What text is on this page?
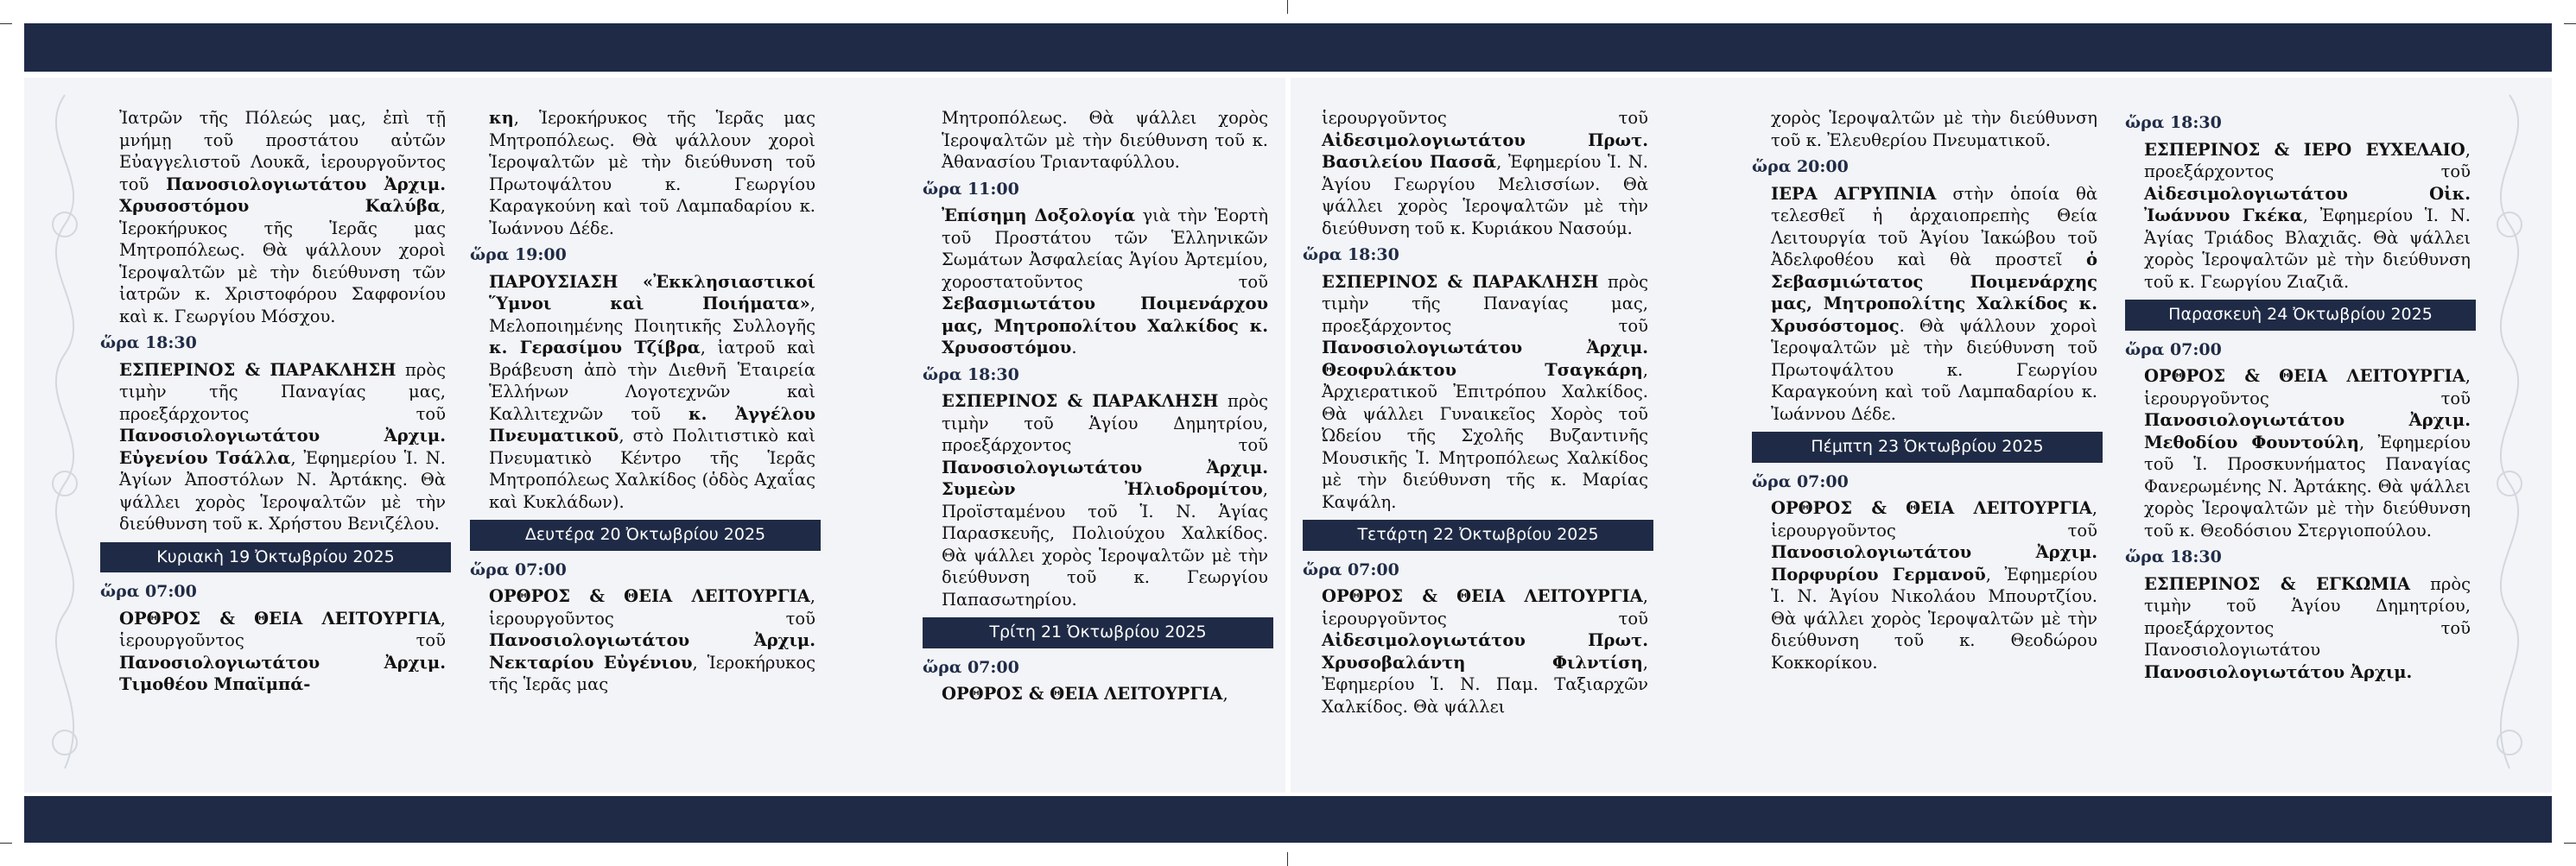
Ἰατρῶν τῆς Πόλεώς μας, ἐπὶ τῇ μνήμῃ τοῦ προστάτου αὐτῶν Εὐαγγελιστοῦ Λουκᾶ, ἱερουργοῦντος τοῦ Πανοσιολογιωτάτου Ἀρχιμ. Χρυσοστόμου Καλύβα, Ἱεροκήρυκος τῆς Ἱερᾶς μας Μητροπόλεως. Θὰ ψάλλουν χοροὶ Ἱεροψαλτῶν μὲ τὴν διεύθυνση τῶν ἰατρῶν κ. Χριστοφόρου Σαφφονίου καὶ κ. Γεωργίου Μόσχου.

ὥρα 18:30

ΕΣΠΕΡΙΝΟΣ & ΠΑΡΑΚΛΗΣΗ πρὸς τιμὴν τῆς Παναγίας μας, προεξάρχοντος τοῦ Πανοσιολογιωτάτου Ἀρχιμ. Εὐγενίου Τσάλλα, Ἐφημερίου Ἱ. Ν. Ἁγίων Ἀποστόλων Ν. Ἀρτάκης. Θὰ ψάλλει χορὸς Ἱεροψαλτῶν μὲ τὴν διεύθυνση τοῦ κ. Χρήστου Βενιζέλου.

Κυριακὴ 19 Ὀκτωβρίου 2025
ὥρα 07:00

ΟΡΘΡΟΣ & ΘΕΙΑ ΛΕΙΤΟΥΡΓΙΑ, ἱερουργοῦντος τοῦ Πανοσιολογιωτάτου Ἀρχιμ. Τιμοθέου Μπαϊμπά-

κη, Ἱεροκήρυκος τῆς Ἱερᾶς μας Μητροπόλεως. Θὰ ψάλλουν χοροὶ Ἱεροψαλτῶν μὲ τὴν διεύθυνση τοῦ Πρωτοψάλτου κ. Γεωργίου Καραγκούνη καὶ τοῦ Λαμπαδαρίου κ. Ἰωάννου Δέδε.

ὥρα 19:00

ΠΑΡΟΥΣΙΑΣΗ «Ἐκκλησιαστικοί Ὕμνοι καὶ Ποιήματα», Μελοποιημένης Ποιητικῆς Συλλογῆς κ. Γερασίμου Τζίβρα, ἰατροῦ καὶ Βράβευση ἀπὸ τὴν Διεθνῆ Ἑταιρεία Ἑλλήνων Λογοτεχνῶν καὶ Καλλιτεχνῶν τοῦ κ. Ἀγγέλου Πνευματικοῦ, στὸ Πολιτιστικὸ καὶ Πνευματικὸ Κέντρο τῆς Ἱερᾶς Μητροπόλεως Χαλκίδος (ὁδὸς Αχαΐας καὶ Κυκλάδων).

Δευτέρα 20 Ὀκτωβρίου 2025
ὥρα 07:00

ΟΡΘΡΟΣ & ΘΕΙΑ ΛΕΙΤΟΥΡΓΙΑ, ἱερουργοῦντος τοῦ Πανοσιολογιωτάτου Ἀρχιμ. Νεκταρίου Εὐγένιου, Ἱεροκήρυκος τῆς Ἱερᾶς μας

Μητροπόλεως. Θὰ ψάλλει χορὸς Ἱεροψαλτῶν μὲ τὴν διεύθυνση τοῦ κ. Ἀθανασίου Τριανταφύλλου.

ὥρα 11:00

Ἐπίσημη Δοξολογία γιὰ τὴν Ἑορτὴ τοῦ Προστάτου τῶν Ἑλληνικῶν Σωμάτων Ἀσφαλείας Ἁγίου Ἀρτεμίου, χοροστατοῦντος τοῦ Σεβασμιωτάτου Ποιμενάρχου μας, Μητροπολίτου Χαλκίδος κ. Χρυσοστόμου.

ὥρα 18:30

ΕΣΠΕΡΙΝΟΣ & ΠΑΡΑΚΛΗΣΗ πρὸς τιμὴν τοῦ Ἁγίου Δημητρίου, προεξάρχοντος τοῦ Πανοσιολογιωτάτου Ἀρχιμ. Συμεὼν Ἠλιοδρομίτου, Προϊσταμένου τοῦ Ἱ. Ν. Ἁγίας Παρασκευῆς, Πολιούχου Χαλκίδος. Θὰ ψάλλει χορὸς Ἱεροψαλτῶν μὲ τὴν διεύθυνση τοῦ κ. Γεωργίου Παπασωτηρίου.

Τρίτη 21 Ὀκτωβρίου 2025
ὥρα 07:00

ΟΡΘΡΟΣ & ΘΕΙΑ ΛΕΙΤΟΥΡΓΙΑ,

ἱερουργοῦντος τοῦ Αἰδεσιμολογιωτάτου Πρωτ. Βασιλείου Πασσᾶ, Ἐφημερίου Ἱ. Ν. Ἁγίου Γεωργίου Μελισσίων. Θὰ ψάλλει χορὸς Ἱεροψαλτῶν μὲ τὴν διεύθυνση τοῦ κ. Κυριάκου Νασούμ.

ὥρα 18:30

ΕΣΠΕΡΙΝΟΣ & ΠΑΡΑΚΛΗΣΗ πρὸς τιμὴν τῆς Παναγίας μας, προεξάρχοντος τοῦ Πανοσιολογιωτάτου Ἀρχιμ. Θεοφυλάκτου Τσαγκάρη, Ἀρχιερατικοῦ Ἐπιτρόπου Χαλκίδος. Θὰ ψάλλει Γυναικεῖος Χορὸς τοῦ Ὠδείου τῆς Σχολῆς Βυζαντινῆς Μουσικῆς Ἱ. Μητροπόλεως Χαλκίδος μὲ τὴν διεύθυνση τῆς κ. Μαρίας Καψάλη.

Τετάρτη 22 Ὀκτωβρίου 2025
ὥρα 07:00

ΟΡΘΡΟΣ & ΘΕΙΑ ΛΕΙΤΟΥΡΓΙΑ, ἱερουργοῦντος τοῦ Αἰδεσιμολογιωτάτου Πρωτ. Χρυσοβαλάντη Φιλντίση, Ἐφημερίου Ἱ. Ν. Παμ. Ταξιαρχῶν Χαλκίδος. Θὰ ψάλλει

χορὸς Ἱεροψαλτῶν μὲ τὴν διεύθυνση τοῦ κ. Ἐλευθερίου Πνευματικοῦ.

ὥρα 20:00

ΙΕΡΑ ΑΓΡΥΠΝΙΑ στὴν ὁποία θὰ τελεσθεῖ ἡ ἀρχαιοπρεπὴς Θεία Λειτουργία τοῦ Ἁγίου Ἰακώβου τοῦ Ἀδελφοθέου καὶ θὰ προστεῖ ὁ Σεβασμιώτατος Ποιμενάρχης μας, Μητροπολίτης Χαλκίδος κ. Χρυσόστομος. Θὰ ψάλλουν χοροὶ Ἱεροψαλτῶν μὲ τὴν διεύθυνση τοῦ Πρωτοψάλτου κ. Γεωργίου Καραγκούνη καὶ τοῦ Λαμπαδαρίου κ. Ἰωάννου Δέδε.

Πέμπτη 23 Ὀκτωβρίου 2025
ὥρα 07:00

ΟΡΘΡΟΣ & ΘΕΙΑ ΛΕΙΤΟΥΡΓΙΑ, ἱερουργοῦντος τοῦ Πανοσιολογιωτάτου Ἀρχιμ. Πορφυρίου Γερμανοῦ, Ἐφημερίου Ἱ. Ν. Ἁγίου Νικολάου Μπουρτζίου. Θὰ ψάλλει χορὸς Ἱεροψαλτῶν μὲ τὴν διεύθυνση τοῦ κ. Θεοδώρου Κοκκορίκου.

ὥρα 18:30

ΕΣΠΕΡΙΝΟΣ & ΙΕΡΟ ΕΥΧΕΛΑΙΟ, προεξάρχοντος τοῦ Αἰδεσιμολογιωτάτου Οἰκ. Ἰωάννου Γκέκα, Ἐφημερίου Ἱ. Ν. Ἁγίας Τριάδος Βλαχιᾶς. Θὰ ψάλλει χορὸς Ἱεροψαλτῶν μὲ τὴν διεύθυνση τοῦ κ. Γεωργίου Ζιαζιᾶ.

Παρασκευὴ 24 Ὀκτωβρίου 2025
ὥρα 07:00

ΟΡΘΡΟΣ & ΘΕΙΑ ΛΕΙΤΟΥΡΓΙΑ, ἱερουργοῦντος τοῦ Πανοσιολογιωτάτου Ἀρχιμ. Μεθοδίου Φουντούλη, Ἐφημερίου τοῦ Ἱ. Προσκυνήματος Παναγίας Φανερωμένης Ν. Ἀρτάκης. Θὰ ψάλλει χορὸς Ἱεροψαλτῶν μὲ τὴν διεύθυνση τοῦ κ. Θεοδόσιου Στεργιοπούλου.

ὥρα 18:30

ΕΣΠΕΡΙΝΟΣ & ΕΓΚΩΜΙΑ πρὸς τιμὴν τοῦ Ἁγίου Δημητρίου, προεξάρχοντος τοῦ Πανοσιολογιωτάτου Πανοσιολογιωτάτου Ἀρχιμ.
